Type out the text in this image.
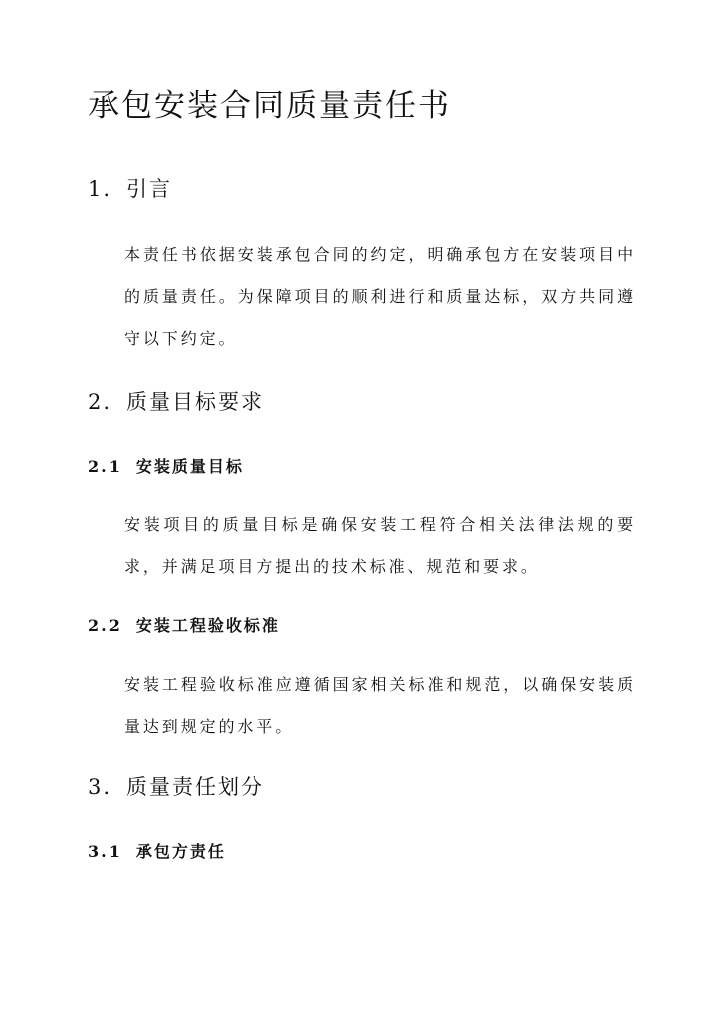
承包安装合同质量责任书
1. 引言

本责任书依据安装承包合同的约定，明确承包方在安装项目中的质量责任。为保障项目的顺利进行和质量达标，双方共同遵守以下约定。

2. 质量目标要求
2.1 安装质量目标

安装项目的质量目标是确保安装工程符合相关法律法规的要求，并满足项目方提出的技术标准、规范和要求。

2.2 安装工程验收标准

安装工程验收标准应遵循国家相关标准和规范，以确保安装质量达到规定的水平。

3. 质量责任划分
3.1 承包方责任
